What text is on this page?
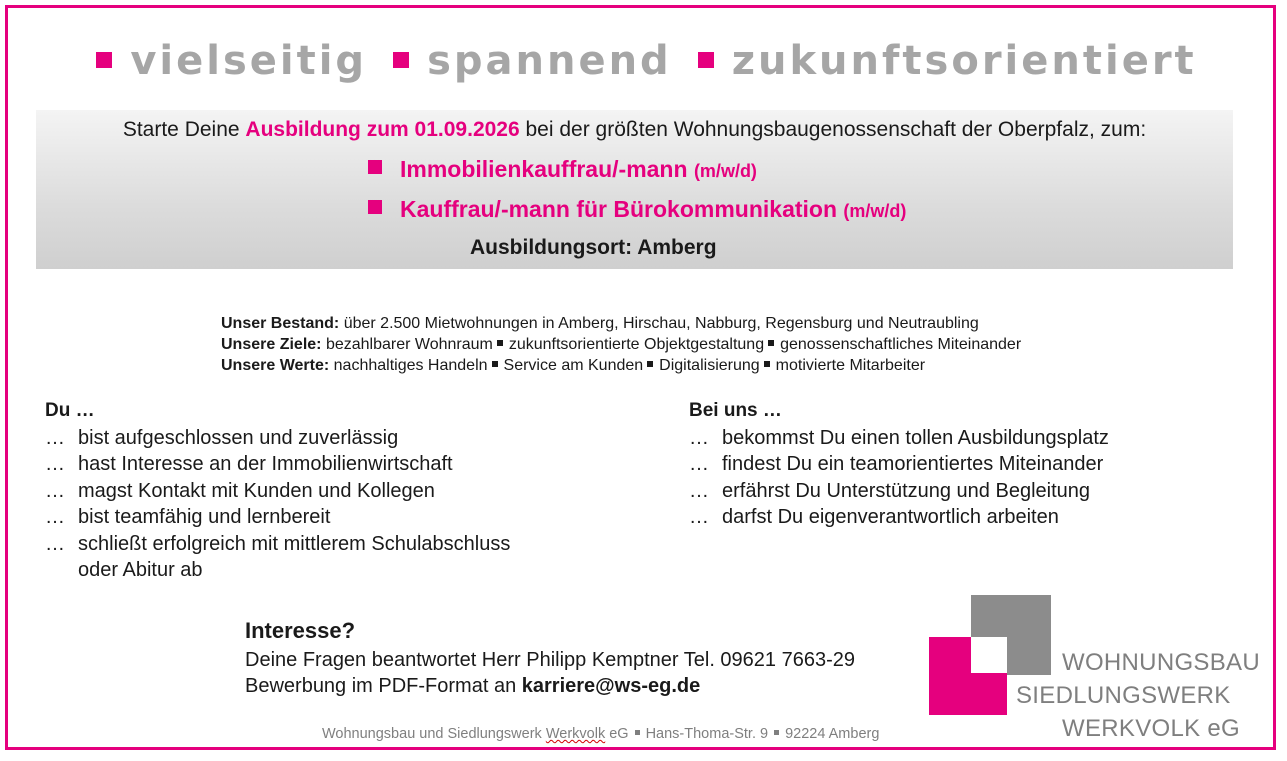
vielseitig spannend zukunftsorientiert
Starte Deine Ausbildung zum 01.09.2026 bei der größten Wohnungsbaugenossenschaft der Oberpfalz, zum:
Immobilienkauffrau/-mann (m/w/d)
Kauffrau/-mann für Bürokommunikation (m/w/d)
Ausbildungsort: Amberg
Unser Bestand: über 2.500 Mietwohnungen in Amberg, Hirschau, Nabburg, Regensburg und Neutraubling
Unsere Ziele: bezahlbarer Wohnraum zukunftsorientierte Objektgestaltung genossenschaftliches Miteinander
Unsere Werte: nachhaltiges Handeln Service am Kunden Digitalisierung motivierte Mitarbeiter
Du …
… bist aufgeschlossen und zuverlässig
… hast Interesse an der Immobilienwirtschaft
… magst Kontakt mit Kunden und Kollegen
… bist teamfähig und lernbereit
… schließt erfolgreich mit mittlerem Schulabschluss
oder Abitur ab
Bei uns …
… bekommst Du einen tollen Ausbildungsplatz
… findest Du ein teamorientiertes Miteinander
… erfährst Du Unterstützung und Begleitung
… darfst Du eigenverantwortlich arbeiten
Interesse?
Deine Fragen beantwortet Herr Philipp Kemptner Tel. 09621 7663-29
Bewerbung im PDF-Format an karriere@ws-eg.de
Wohnungsbau und Siedlungswerk Werkvolk eG Hans-Thoma-Str. 9 92224 Amberg
WOHNUNGSBAU
SIEDLUNGSWERK
WERKVOLK eG
